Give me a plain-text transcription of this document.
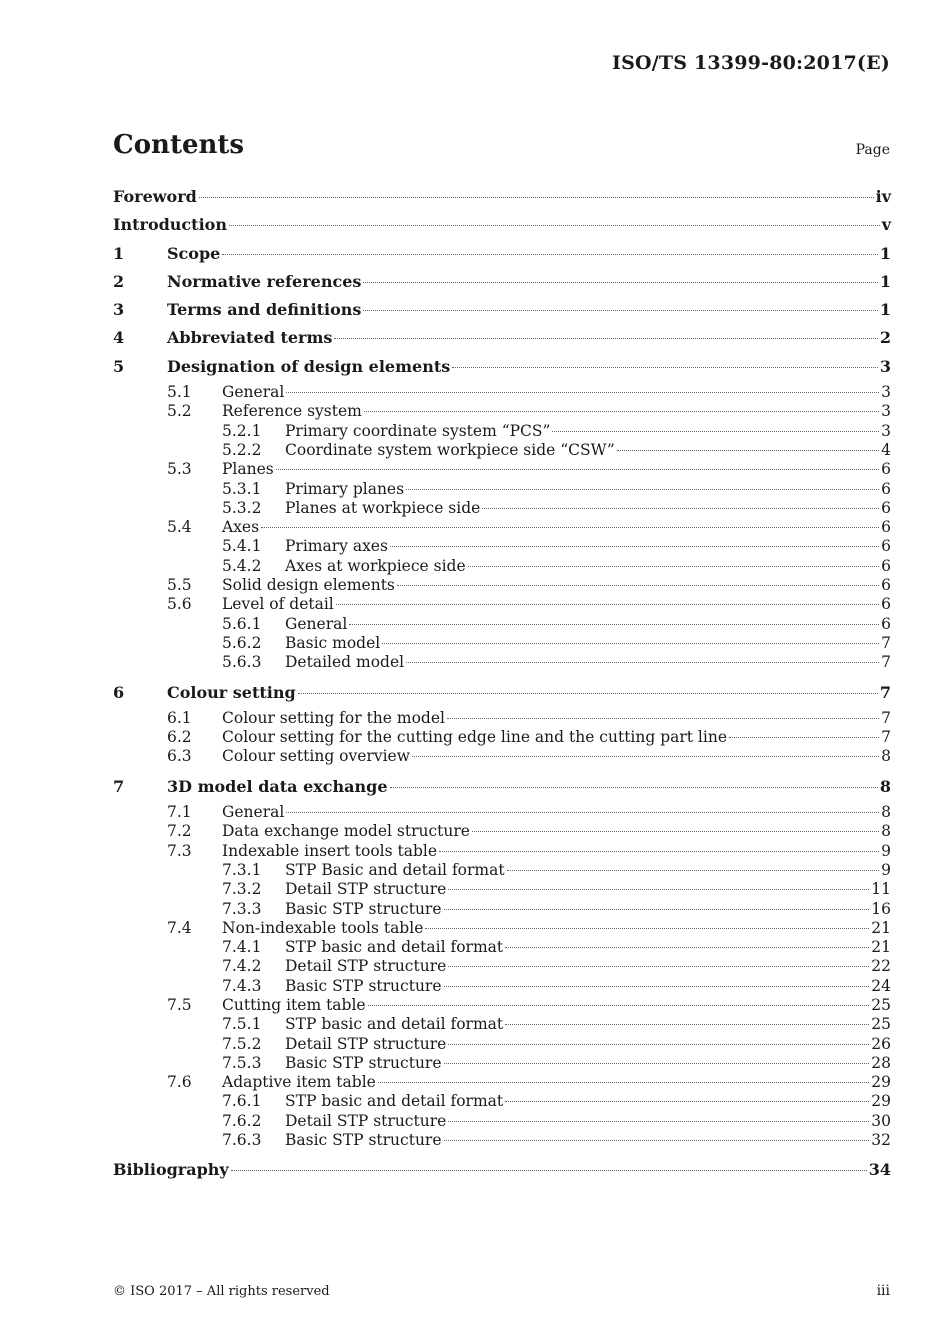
ISO/TS 13399-80:2017(E)
Contents	Page
Foreword	iv
Introduction	v
1	Scope	1
2	Normative references	1
3	Terms and definitions	1
4	Abbreviated terms	2
5	Designation of design elements	3
5.1 General	3
5.2 Reference system	3
5.2.1 Primary coordinate system “PCS”	3
5.2.2 Coordinate system workpiece side “CSW”	4
5.3 Planes	6
5.3.1 Primary planes	6
5.3.2 Planes at workpiece side	6
5.4 Axes	6
5.4.1 Primary axes	6
5.4.2 Axes at workpiece side	6
5.5 Solid design elements	6
5.6 Level of detail	6
5.6.1 General	6
5.6.2 Basic model	7
5.6.3 Detailed model	7
6	Colour setting	7
6.1 Colour setting for the model	7
6.2 Colour setting for the cutting edge line and the cutting part line	7
6.3 Colour setting overview	8
7	3D model data exchange	8
7.1 General	8
7.2 Data exchange model structure	8
7.3 Indexable insert tools table	9
7.3.1 STP Basic and detail format	9
7.3.2 Detail STP structure	11
7.3.3 Basic STP structure	16
7.4 Non-indexable tools table	21
7.4.1 STP basic and detail format	21
7.4.2 Detail STP structure	22
7.4.3 Basic STP structure	24
7.5 Cutting item table	25
7.5.1 STP basic and detail format	25
7.5.2 Detail STP structure	26
7.5.3 Basic STP structure	28
7.6 Adaptive item table	29
7.6.1 STP basic and detail format	29
7.6.2 Detail STP structure	30
7.6.3 Basic STP structure	32
Bibliography	34
© ISO 2017 – All rights reserved	iii
